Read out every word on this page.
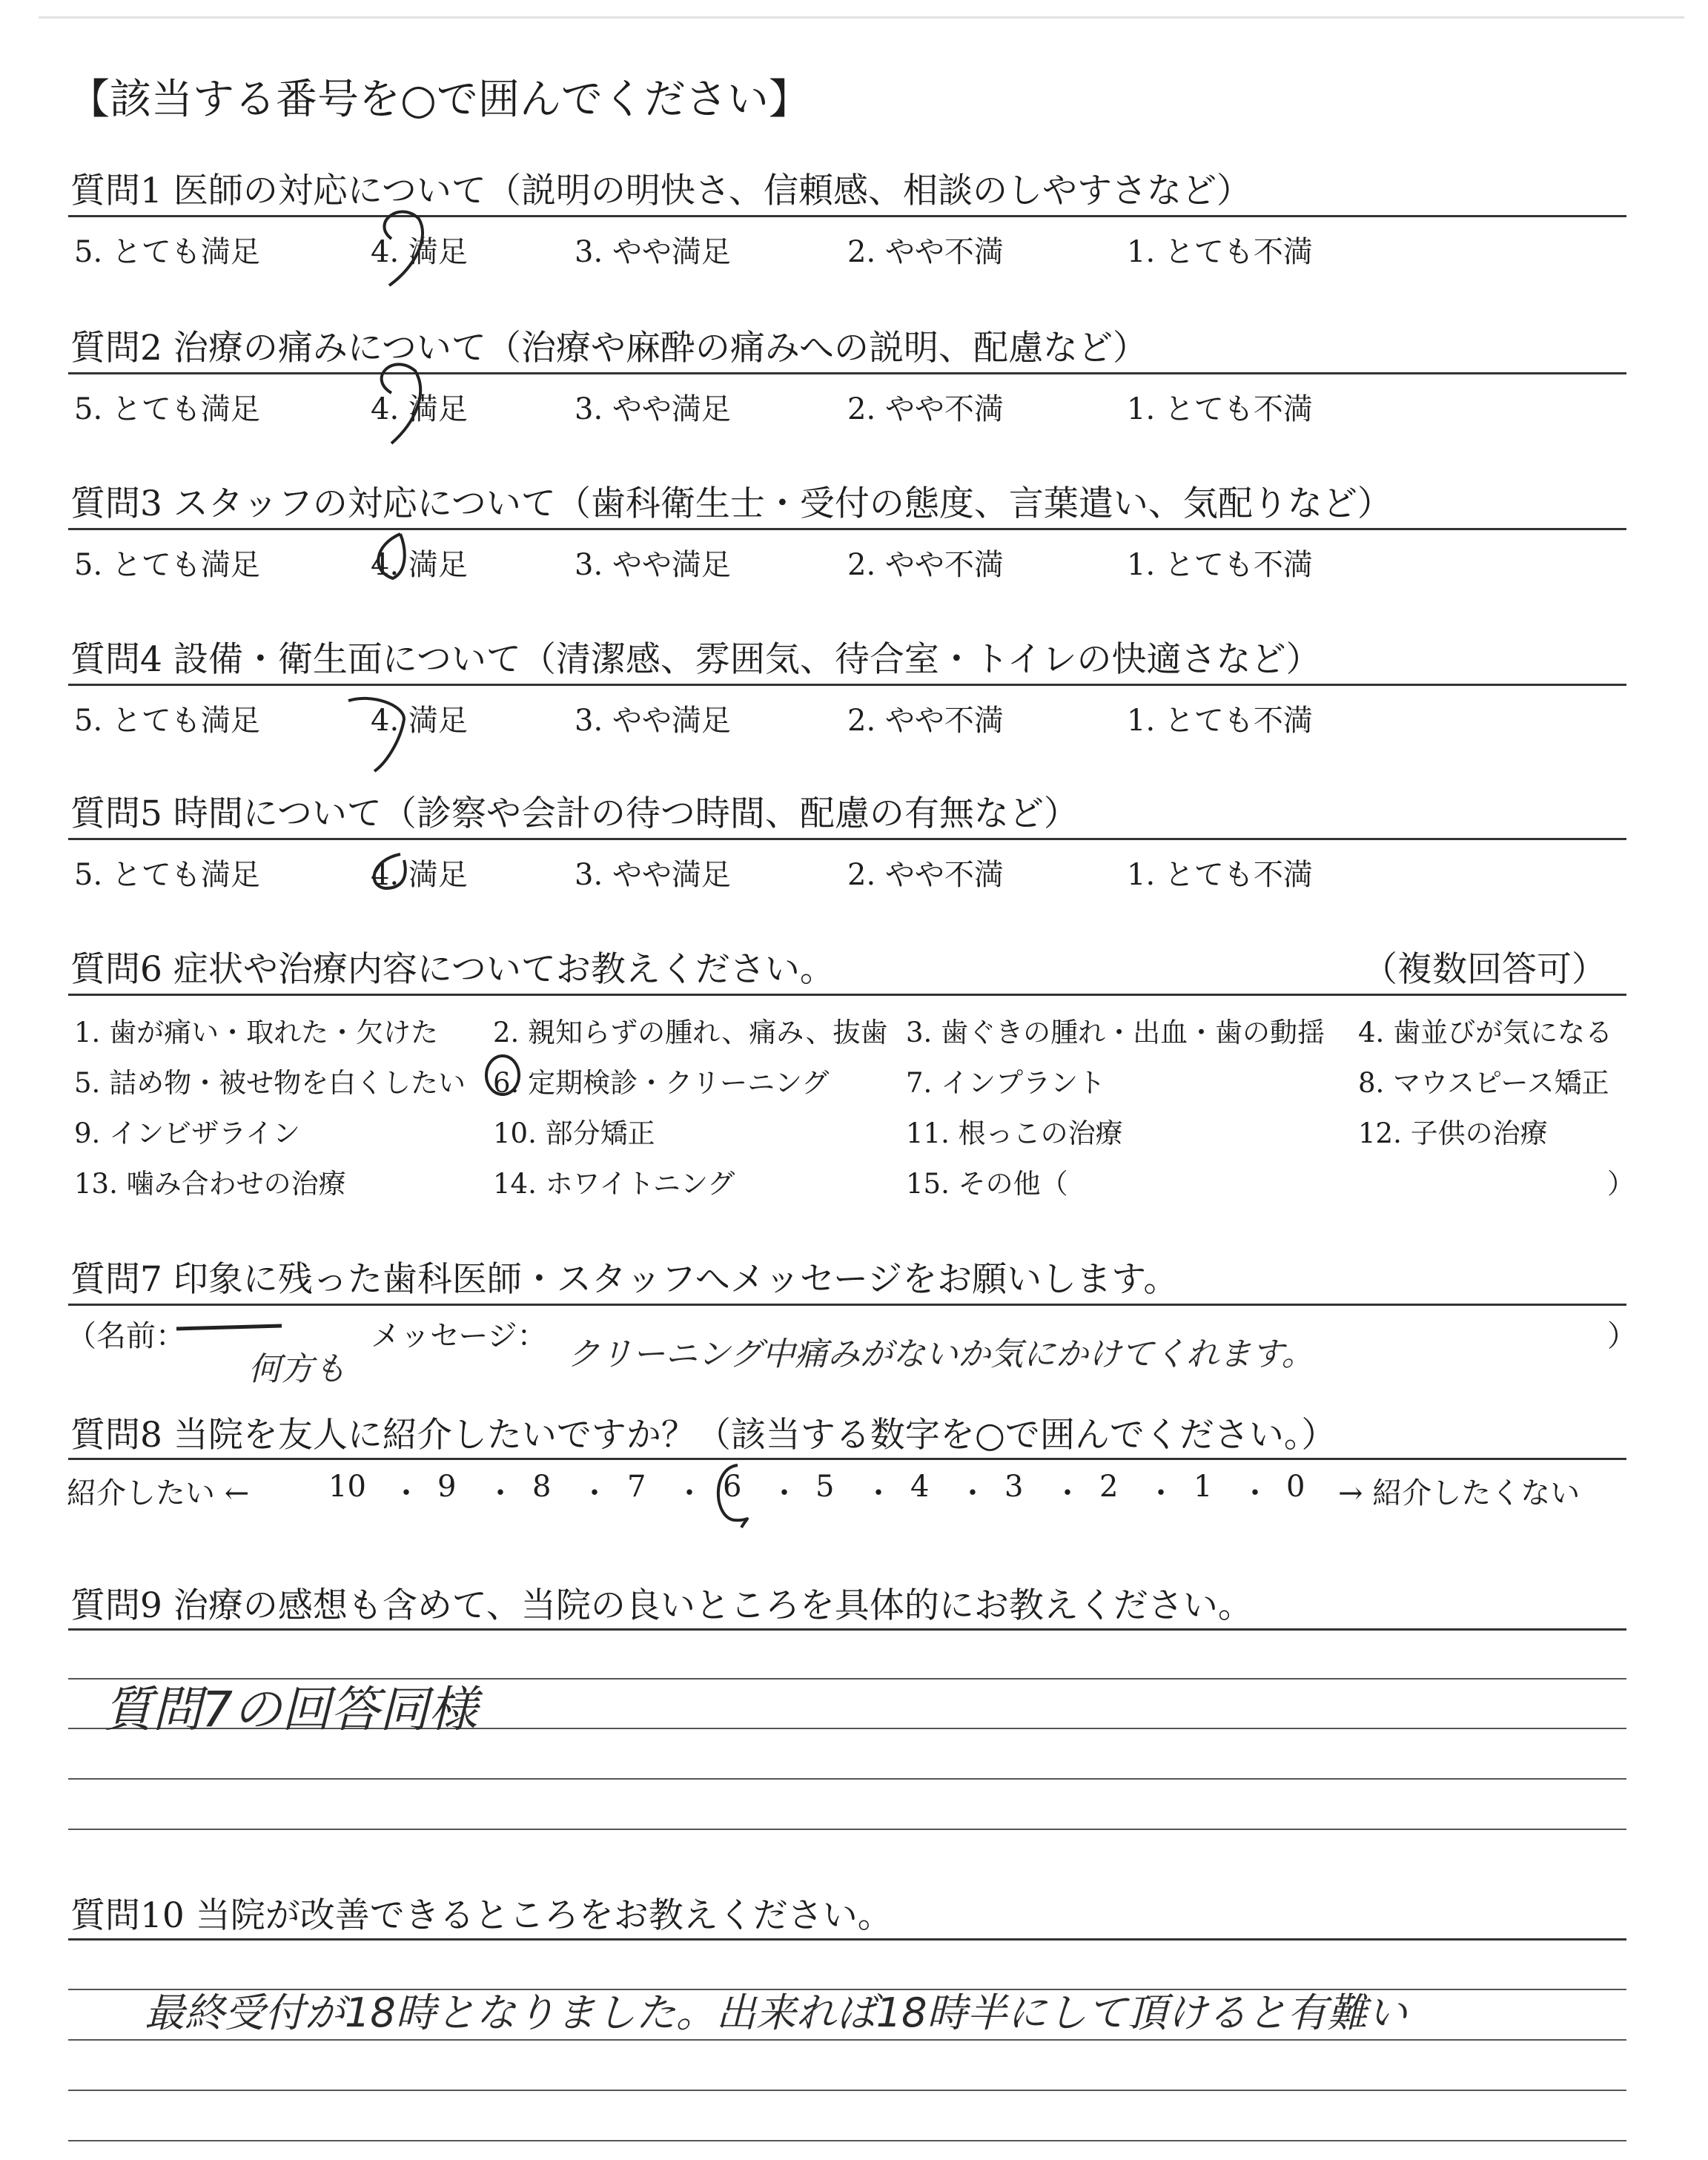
【該当する番号を○で囲んでください】
質問1 医師の対応について（説明の明快さ、信頼感、相談のしやすさなど）
5. とても満足	4. 満足	3. やや満足	2. やや不満	1. とても不満
質問2 治療の痛みについて（治療や麻酔の痛みへの説明、配慮など）
5. とても満足	4. 満足	3. やや満足	2. やや不満	1. とても不満
質問3 スタッフの対応について（歯科衛生士・受付の態度、言葉遣い、気配りなど）
5. とても満足	4. 満足	3. やや満足	2. やや不満	1. とても不満
質問4 設備・衛生面について（清潔感、雰囲気、待合室・トイレの快適さなど）
5. とても満足	4. 満足	3. やや満足	2. やや不満	1. とても不満
質問5 時間について（診察や会計の待つ時間、配慮の有無など）
5. とても満足	4. 満足	3. やや満足	2. やや不満	1. とても不満
質問6 症状や治療内容についてお教えください。	（複数回答可）
1. 歯が痛い・取れた・欠けた 2. 親知らずの腫れ、痛み、抜歯 3. 歯ぐきの腫れ・出血・歯の動揺 4. 歯並びが気になる
5. 詰め物・被せ物を白くしたい 6. 定期検診・クリーニング	7. インプラント	8. マウスピース矯正
9. インビザライン	10. 部分矯正	11. 根っこの治療	12. 子供の治療
13. 噛み合わせの治療	14. ホワイトニング	15. その他（	）
質問7 印象に残った歯科医師・スタッフへメッセージをお願いします。
（名前：
何方も
メッセージ： クリーニング中痛みがないか気にかけてくれます。	）
質問8 当院を友人に紹介したいですか？（該当する数字を○で囲んでください。）
紹介したい ←	→ 紹介したくない
10 ・ 9 ・ 8 ・ 7 ・ 6 ・ 5 ・ 4 ・ 3 ・ 2 ・ 1 ・ 0
質問9 治療の感想も含めて、当院の良いところを具体的にお教えください。
質問7の回答同様
質問10 当院が改善できるところをお教えください。
最終受付が18時となりました。出来れば18時半にして頂けると有難い
